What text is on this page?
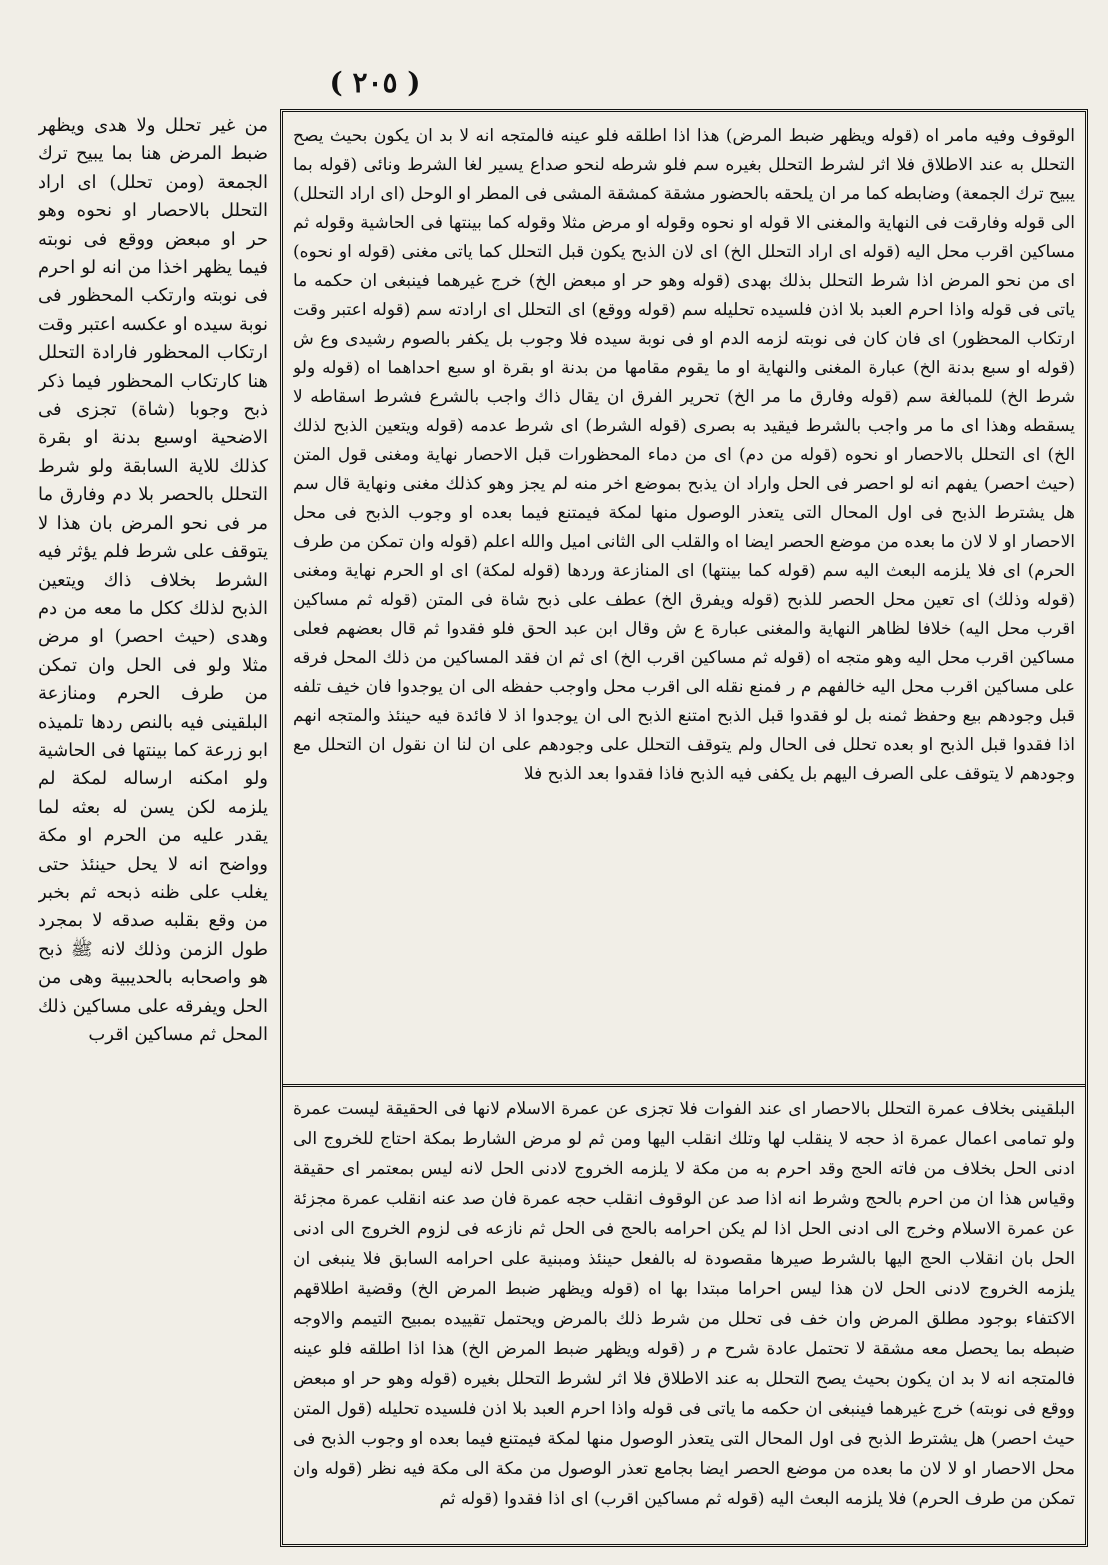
( ٢٠٥ )

من غير تحلل ولا هدى ويظهر ضبط المرض هنا بما يبيح ترك الجمعة (ومن تحلل) اى اراد التحلل بالاحصار او نحوه وهو حر او مبعض ووقع فى نوبته فيما يظهر اخذا من انه لو احرم فى نوبته وارتكب المحظور فى نوبة سيده او عكسه اعتبر وقت ارتكاب المحظور فارادة التحلل هنا كارتكاب المحظور فيما ذكر ذبح وجوبا (شاة) تجزى فى الاضحية اوسبع بدنة او بقرة كذلك للاية السابقة ولو شرط التحلل بالحصر بلا دم وفارق ما مر فى نحو المرض بان هذا لا يتوقف على شرط فلم يؤثر فيه الشرط بخلاف ذاك ويتعين الذبح لذلك ككل ما معه من دم وهدى (حيث احصر) او مرض مثلا ولو فى الحل وان تمكن من طرف الحرم ومنازعة البلقينى فيه بالنص ردها تلميذه ابو زرعة كما بينتها فى الحاشية ولو امكنه ارساله لمكة لم يلزمه لكن يسن له بعثه لما يقدر عليه من الحرم او مكة وواضح انه لا يحل حينئذ حتى يغلب على ظنه ذبحه ثم بخبر من وقع بقلبه صدقه لا بمجرد طول الزمن وذلك لانه ﷺ ذبح هو واصحابه بالحديبية وهى من الحل ويفرقه على مساكين ذلك المحل ثم مساكين اقرب

الوقوف وفيه مامر اه (قوله ويظهر ضبط المرض) هذا اذا اطلقه فلو عينه فالمتجه انه لا بد ان يكون بحيث يصح التحلل به عند الاطلاق فلا اثر لشرط التحلل بغيره سم فلو شرطه لنحو صداع يسير لغا الشرط ونائى (قوله بما يبيح ترك الجمعة) وضابطه كما مر ان يلحقه بالحضور مشقة كمشقة المشى فى المطر او الوحل (اى اراد التحلل) الى قوله وفارقت فى النهاية والمغنى الا قوله او نحوه وقوله او مرض مثلا وقوله كما بينتها فى الحاشية وقوله ثم مساكين اقرب محل اليه (قوله اى اراد التحلل الخ) اى لان الذبح يكون قبل التحلل كما ياتى مغنى (قوله او نحوه) اى من نحو المرض اذا شرط التحلل بذلك بهدى (قوله وهو حر او مبعض الخ) خرج غيرهما فينبغى ان حكمه ما ياتى فى قوله واذا احرم العبد بلا اذن فلسيده تحليله سم (قوله ووقع) اى التحلل اى ارادته سم (قوله اعتبر وقت ارتكاب المحظور) اى فان كان فى نوبته لزمه الدم او فى نوبة سيده فلا وجوب بل يكفر بالصوم رشيدى وع ش (قوله او سبع بدنة الخ) عبارة المغنى والنهاية او ما يقوم مقامها من بدنة او بقرة او سبع احداهما اه (قوله ولو شرط الخ) للمبالغة سم (قوله وفارق ما مر الخ) تحرير الفرق ان يقال ذاك واجب بالشرع فشرط اسقاطه لا يسقطه وهذا اى ما مر واجب بالشرط فيقيد به بصرى (قوله الشرط) اى شرط عدمه (قوله ويتعين الذبح لذلك الخ) اى التحلل بالاحصار او نحوه (قوله من دم) اى من دماء المحظورات قبل الاحصار نهاية ومغنى قول المتن (حيث احصر) يفهم انه لو احصر فى الحل واراد ان يذبح بموضع اخر منه لم يجز وهو كذلك مغنى ونهاية قال سم هل يشترط الذبح فى اول المحال التى يتعذر الوصول منها لمكة فيمتنع فيما بعده او وجوب الذبح فى محل الاحصار او لا لان ما بعده من موضع الحصر ايضا اه والقلب الى الثانى اميل والله اعلم (قوله وان تمكن من طرف الحرم) اى فلا يلزمه البعث اليه سم (قوله كما بينتها) اى المنازعة وردها (قوله لمكة) اى او الحرم نهاية ومغنى (قوله وذلك) اى تعين محل الحصر للذبح (قوله ويفرق الخ) عطف على ذبح شاة فى المتن (قوله ثم مساكين اقرب محل اليه) خلافا لظاهر النهاية والمغنى عبارة ع ش وقال ابن عبد الحق فلو فقدوا ثم قال بعضهم فعلى مساكين اقرب محل اليه وهو متجه اه (قوله ثم مساكين اقرب الخ) اى ثم ان فقد المساكين من ذلك المحل فرقه على مساكين اقرب محل اليه خالفهم م ر فمنع نقله الى اقرب محل واوجب حفظه الى ان يوجدوا فان خيف تلفه قبل وجودهم بيع وحفظ ثمنه بل لو فقدوا قبل الذبح امتنع الذبح الى ان يوجدوا اذ لا فائدة فيه حينئذ والمتجه انهم اذا فقدوا قبل الذبح او بعده تحلل فى الحال ولم يتوقف التحلل على وجودهم على ان لنا ان نقول ان التحلل مع وجودهم لا يتوقف على الصرف اليهم بل يكفى فيه الذبح فاذا فقدوا بعد الذبح فلا

البلقينى بخلاف عمرة التحلل بالاحصار اى عند الفوات فلا تجزى عن عمرة الاسلام لانها فى الحقيقة ليست عمرة ولو تمامى اعمال عمرة اذ حجه لا ينقلب لها وتلك انقلب اليها ومن ثم لو مرض الشارط بمكة احتاج للخروج الى ادنى الحل بخلاف من فاته الحج وقد احرم به من مكة لا يلزمه الخروج لادنى الحل لانه ليس بمعتمر اى حقيقة وقياس هذا ان من احرم بالحج وشرط انه اذا صد عن الوقوف انقلب حجه عمرة فان صد عنه انقلب عمرة مجزئة عن عمرة الاسلام وخرج الى ادنى الحل اذا لم يكن احرامه بالحج فى الحل ثم نازعه فى لزوم الخروج الى ادنى الحل بان انقلاب الحج اليها بالشرط صيرها مقصودة له بالفعل حينئذ ومبنية على احرامه السابق فلا ينبغى ان يلزمه الخروج لادنى الحل لان هذا ليس احراما مبتدا بها اه (قوله ويظهر ضبط المرض الخ) وقضية اطلاقهم الاكتفاء بوجود مطلق المرض وان خف فى تحلل من شرط ذلك بالمرض ويحتمل تقييده بمبيح التيمم والاوجه ضبطه بما يحصل معه مشقة لا تحتمل عادة شرح م ر (قوله ويظهر ضبط المرض الخ) هذا اذا اطلقه فلو عينه فالمتجه انه لا بد ان يكون بحيث يصح التحلل به عند الاطلاق فلا اثر لشرط التحلل بغيره (قوله وهو حر او مبعض ووقع فى نوبته) خرج غيرهما فينبغى ان حكمه ما ياتى فى قوله واذا احرم العبد بلا اذن فلسيده تحليله (قول المتن حيث احصر) هل يشترط الذبح فى اول المحال التى يتعذر الوصول منها لمكة فيمتنع فيما بعده او وجوب الذبح فى محل الاحصار او لا لان ما بعده من موضع الحصر ايضا بجامع تعذر الوصول من مكة الى مكة فيه نظر (قوله وان تمكن من طرف الحرم) فلا يلزمه البعث اليه (قوله ثم مساكين اقرب) اى اذا فقدوا (قوله ثم
